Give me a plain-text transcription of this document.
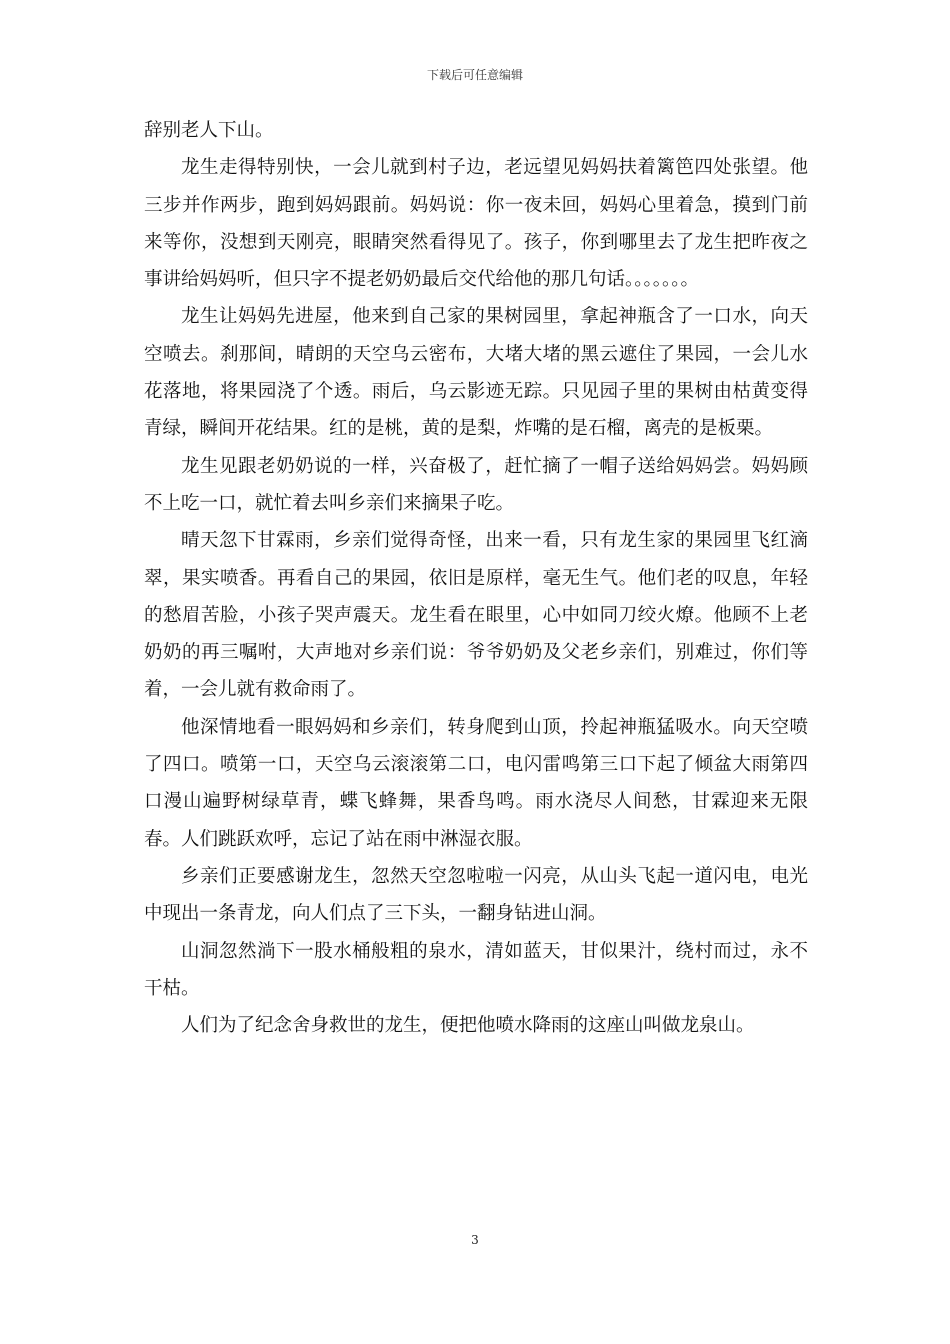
下载后可任意编辑

辞别老人下山。

龙生走得特别快，一会儿就到村子边，老远望见妈妈扶着篱笆四处张望。他三步并作两步，跑到妈妈跟前。妈妈说：你一夜未回，妈妈心里着急，摸到门前来等你，没想到天刚亮，眼睛突然看得见了。孩子，你到哪里去了龙生把昨夜之事讲给妈妈听，但只字不提老奶奶最后交代给他的那几句话。。。。。。。

龙生让妈妈先进屋，他来到自己家的果树园里，拿起神瓶含了一口水，向天空喷去。刹那间，晴朗的天空乌云密布，大堵大堵的黑云遮住了果园，一会儿水花落地，将果园浇了个透。雨后，乌云影迹无踪。只见园子里的果树由枯黄变得青绿，瞬间开花结果。红的是桃，黄的是梨，炸嘴的是石榴，离壳的是板栗。

龙生见跟老奶奶说的一样，兴奋极了，赶忙摘了一帽子送给妈妈尝。妈妈顾不上吃一口，就忙着去叫乡亲们来摘果子吃。

晴天忽下甘霖雨，乡亲们觉得奇怪，出来一看，只有龙生家的果园里飞红滴翠，果实喷香。再看自己的果园，依旧是原样，毫无生气。他们老的叹息，年轻的愁眉苦脸，小孩子哭声震天。龙生看在眼里，心中如同刀绞火燎。他顾不上老奶奶的再三嘱咐，大声地对乡亲们说：爷爷奶奶及父老乡亲们，别难过，你们等着，一会儿就有救命雨了。

他深情地看一眼妈妈和乡亲们，转身爬到山顶，拎起神瓶猛吸水。向天空喷了四口。喷第一口，天空乌云滚滚第二口，电闪雷鸣第三口下起了倾盆大雨第四口漫山遍野树绿草青，蝶飞蜂舞，果香鸟鸣。雨水浇尽人间愁，甘霖迎来无限春。人们跳跃欢呼，忘记了站在雨中淋湿衣服。

乡亲们正要感谢龙生，忽然天空忽啦啦一闪亮，从山头飞起一道闪电，电光中现出一条青龙，向人们点了三下头，一翻身钻进山洞。

山洞忽然淌下一股水桶般粗的泉水，清如蓝天，甘似果汁，绕村而过，永不干枯。

人们为了纪念舍身救世的龙生，便把他喷水降雨的这座山叫做龙泉山。

3
